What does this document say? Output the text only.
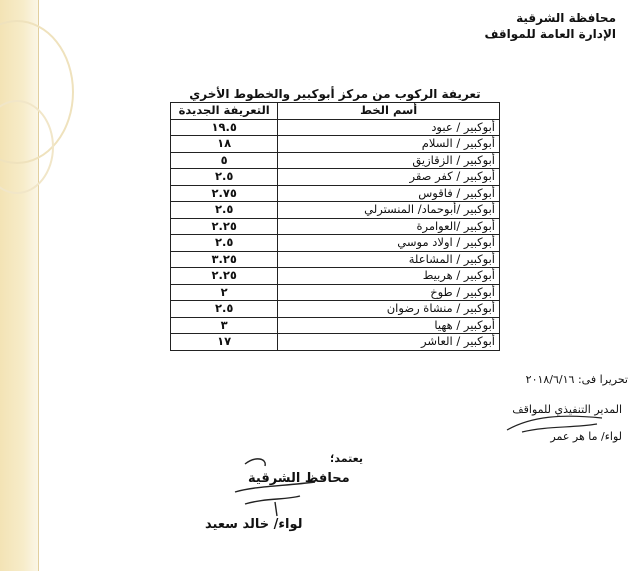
محافظة الشرقية
الإدارة العامة للمواقف
تعريفة الركوب من مركز أبوكبير والخطوط الأخري
أسم الخط	التعريفة الجديدة
أبوكبير / عبود	١٩.٥
أبوكبير / السلام	١٨
أبوكبير / الزقازيق	٥
أبوكبير / كفر صقر	٢.٥
أبوكبير / فاقوس	٢.٧٥
أبوكبير /أبوحماد/ المنسترلي	٢.٥
أبوكبير /العوامرة	٢.٢٥
أبوكبير / اولاد موسي	٢.٥
أبوكبير / المشاعلة	٣.٢٥
أبوكبير / هربيط	٢.٢٥
أبوكبير / طوخ	٢
أبوكبير / منشاة رضوان	٢.٥
أبوكبير / ههيا	٣
أبوكبير / العاشر	١٧
تحريرا فى: ٢٠١٨/٦/١٦
المدير التنفيذي للمواقف
لواء/ ما هر عمر
يعتمد؛
محافظ الشرقية
لواء/ خالد سعيد
